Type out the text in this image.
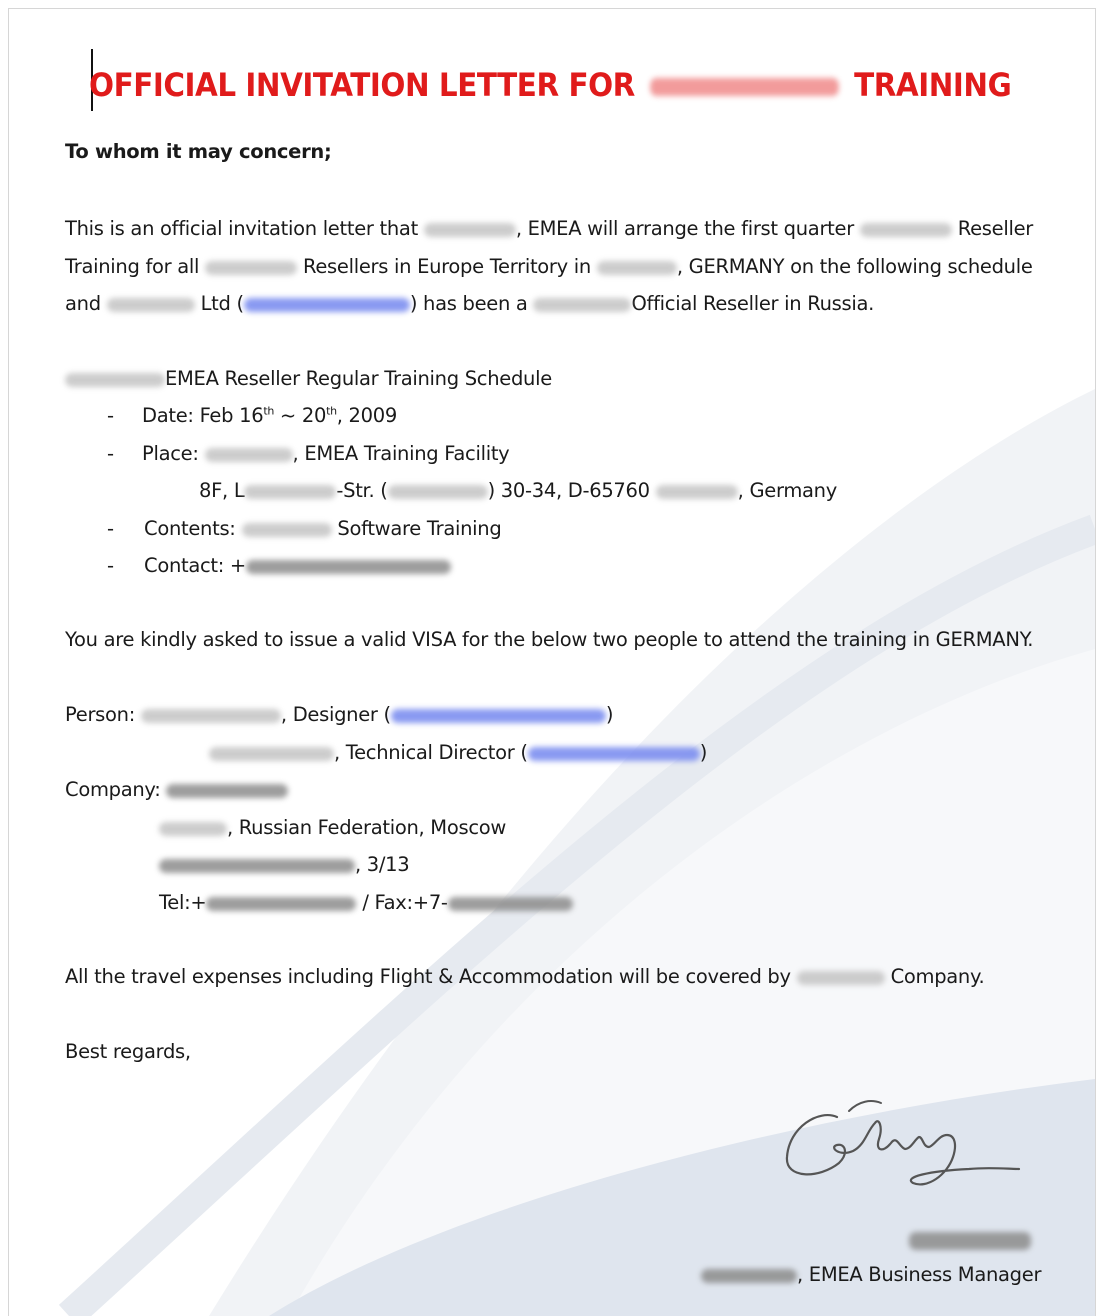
OFFICIAL INVITATION LETTER FOR	TRAINING
To whom it may concern;
This is an official invitation letter that	, EMEA will arrange the first quarter	Reseller
Training for all	Resellers in Europe Territory in	, GERMANY on the following schedule
and	Ltd (	) has been a	Official Reseller in Russia.
EMEA Reseller Regular Training Schedule
- Date: Feb 16th ~ 20th, 2009
- Place:	, EMEA Training Facility
8F, L	-Str. (	) 30-34, D-65760	, Germany
- Contents:	Software Training
- Contact: +
You are kindly asked to issue a valid VISA for the below two people to attend the training in GERMANY.
Person:	, Designer (	)
, Technical Director (	)
Company:
, Russian Federation, Moscow
, 3/13
Tel:+	/ Fax:+7-
All the travel expenses including Flight & Accommodation will be covered by	Company.
Best regards,
, EMEA Business Manager
